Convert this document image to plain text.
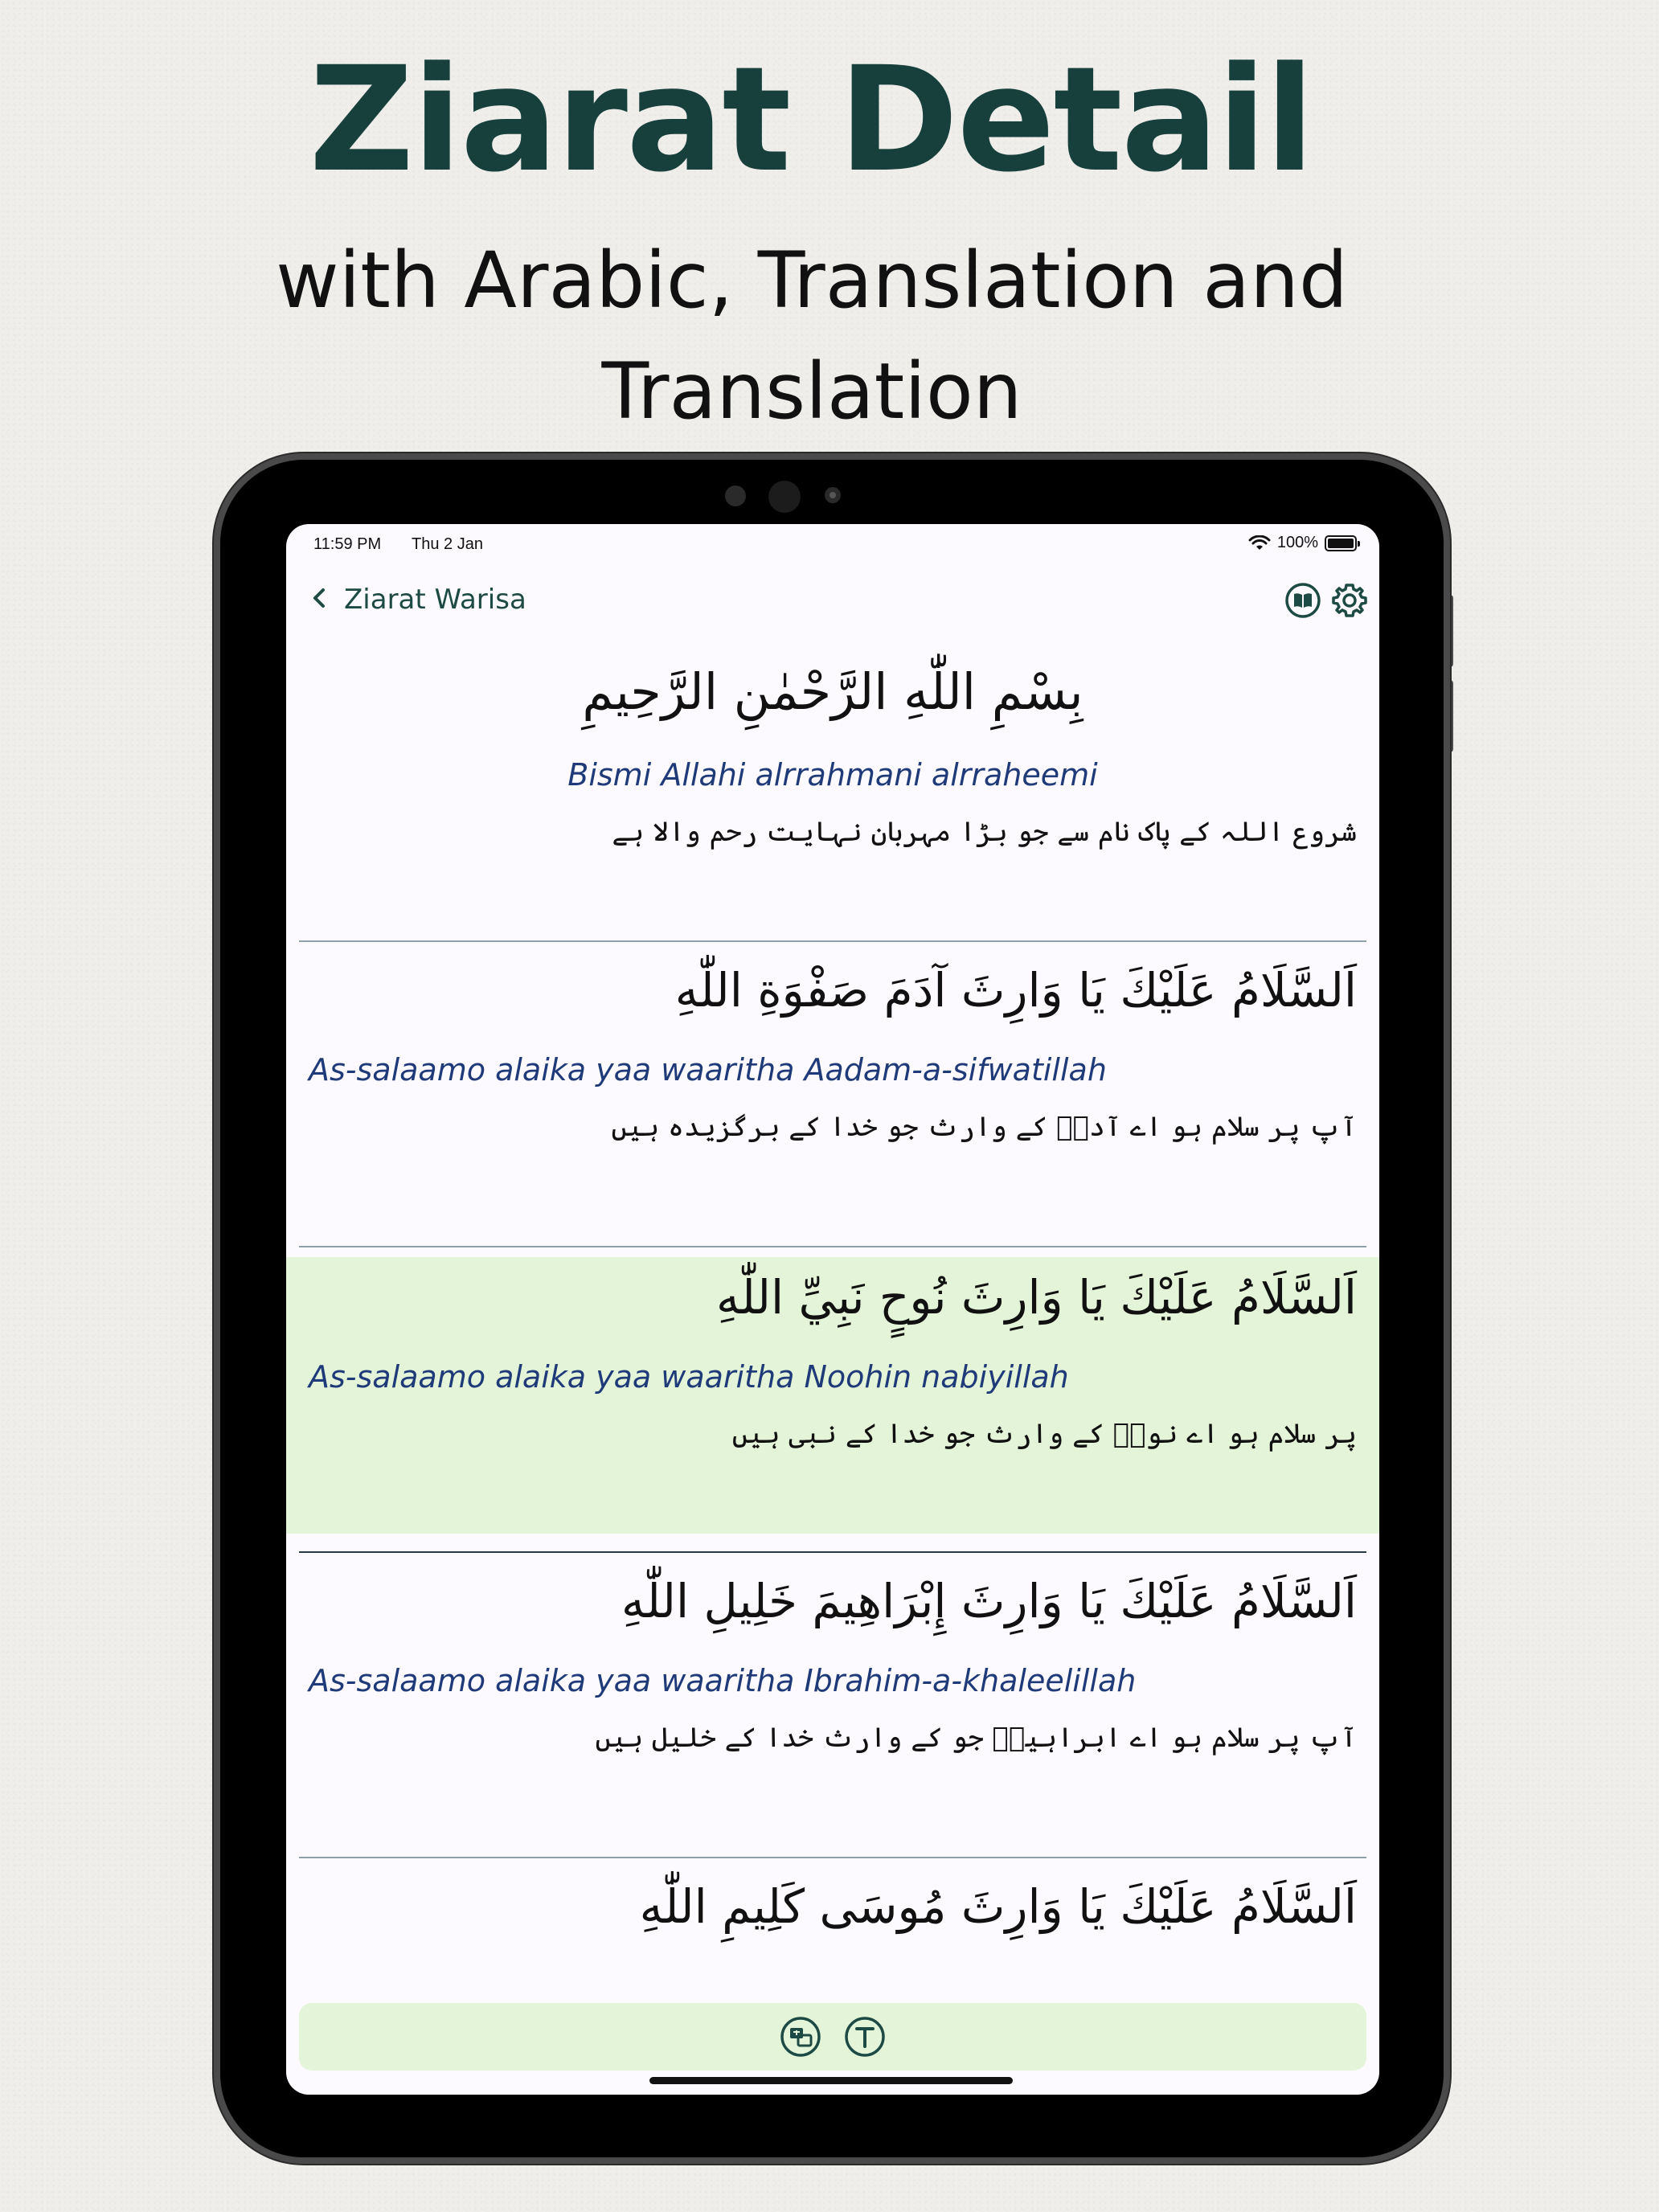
Ziarat Detail
with Arabic, Translation and Translation
11:59 PM Thu 2 Jan	100%
Ziarat Warisa
بِسْمِ اللّٰهِ الرَّحْمٰنِ الرَّحِيمِ
Bismi Allahi alrrahmani alrraheemi
شروع اللہ کے پاک نام سے جو بڑا مہربان نہایت رحم والا ہے
اَلسَّلَامُ عَلَيْكَ يَا وَارِثَ آدَمَ صَفْوَةِ اللّٰهِ
As-salaamo alaika yaa waaritha Aadam-a-sifwatillah
آپ پر سلام ہو اے آدمؑ کے وارث جو خدا کے برگزیدہ ہیں
اَلسَّلَامُ عَلَيْكَ يَا وَارِثَ نُوحٍ نَبِيِّ اللّٰهِ
As-salaamo alaika yaa waaritha Noohin nabiyillah
پر سلام ہو اے نوحؑ کے وارث جو خدا کے نبی ہیں
اَلسَّلَامُ عَلَيْكَ يَا وَارِثَ إِبْرَاهِيمَ خَلِيلِ اللّٰهِ
As-salaamo alaika yaa waaritha Ibrahim-a-khaleelillah
آپ پر سلام ہو اے ابراہیمؑ جو کے وارث خدا کے خلیل ہیں
اَلسَّلَامُ عَلَيْكَ يَا وَارِثَ مُوسَى كَلِيمِ اللّٰهِ
